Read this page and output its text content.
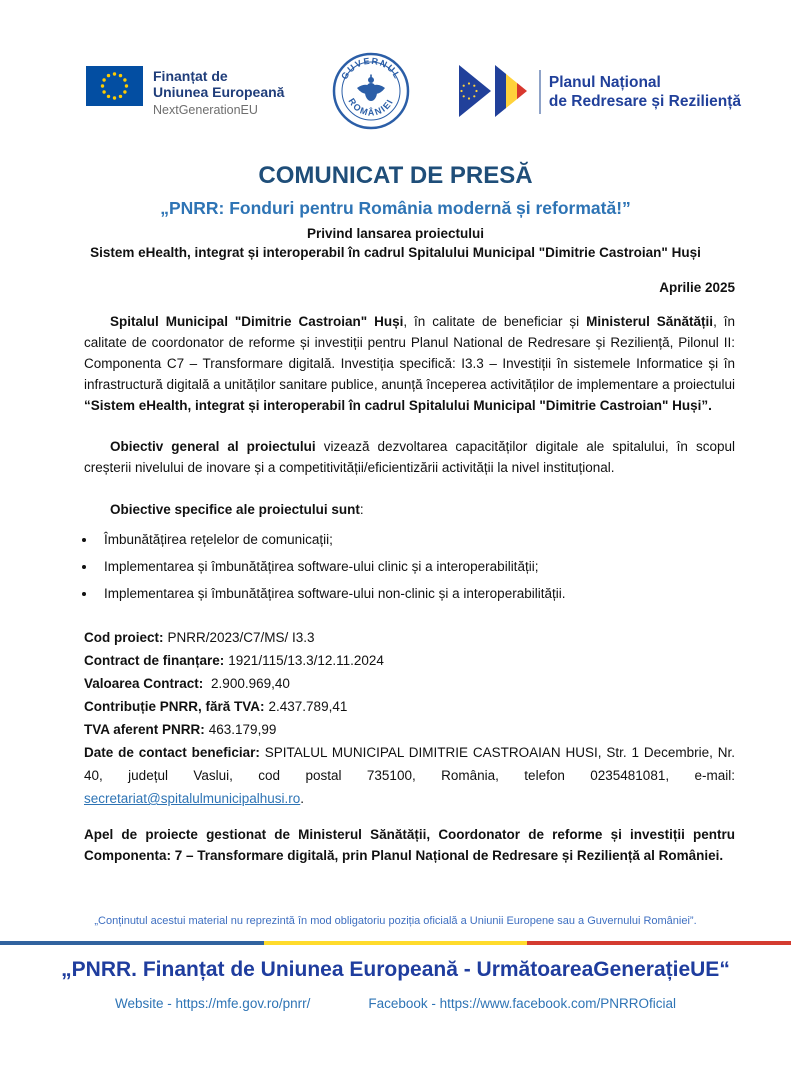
Finanțat de
Uniunea Europeană
NextGenerationEU
GUVERNUL
ROMÂNIEI
Planul Național
de Redresare și Reziliență
COMUNICAT DE PRESĂ
„PNRR: Fonduri pentru România modernă și reformată!”
Privind lansarea proiectului
Sistem eHealth, integrat și interoperabil în cadrul Spitalului Municipal "Dimitrie Castroian" Huși
Aprilie 2025

Spitalul Municipal "Dimitrie Castroian" Huși, în calitate de beneficiar și Ministerul Sănătății, în calitate de coordonator de reforme și investiții pentru Planul National de Redresare și Reziliență, Pilonul II: Componenta C7 – Transformare digitală. Investiția specifică: I3.3 – Investiții în sistemele Informatice și în infrastructură digitală a unităților sanitare publice, anunță începerea activităților de implementare a proiectului “Sistem eHealth, integrat și interoperabil în cadrul Spitalului Municipal "Dimitrie Castroian" Huși”.

Obiectiv general al proiectului vizează dezvoltarea capacităților digitale ale spitalului, în scopul creșterii nivelului de inovare și a competitivității/eficientizării activității la nivel instituțional.

Obiective specifice ale proiectului sunt:
• Îmbunătățirea rețelelor de comunicații;
• Implementarea și îmbunătățirea software-ului clinic și a interoperabilității;
• Implementarea și îmbunătățirea software-ului non-clinic și a interoperabilității.
Cod proiect: PNRR/2023/C7/MS/ I3.3
Contract de finanțare: 1921/115/13.3/12.11.2024
Valoarea Contract: 2.900.969,40
Contribuție PNRR, fără TVA: 2.437.789,41
TVA aferent PNRR: 463.179,99

Date de contact beneficiar: SPITALUL MUNICIPAL DIMITRIE CASTROAIAN HUSI, Str. 1 Decembrie, Nr. 40, județul Vaslui, cod postal 735100, România, telefon 0235481081, e-mail: secretariat@spitalulmunicipalhusi.ro.

Apel de proiecte gestionat de Ministerul Sănătății, Coordonator de reforme și investiții pentru Componenta: 7 – Transformare digitală, prin Planul Național de Redresare și Reziliență al României.

„Conținutul acestui material nu reprezintă în mod obligatoriu poziția oficială a Uniunii Europene sau a Guvernului României”.
„PNRR. Finanțat de Uniunea Europeană - UrmătoareaGenerațieUE“
Website - https://mfe.gov.ro/pnrr/	Facebook - https://www.facebook.com/PNRROficial
